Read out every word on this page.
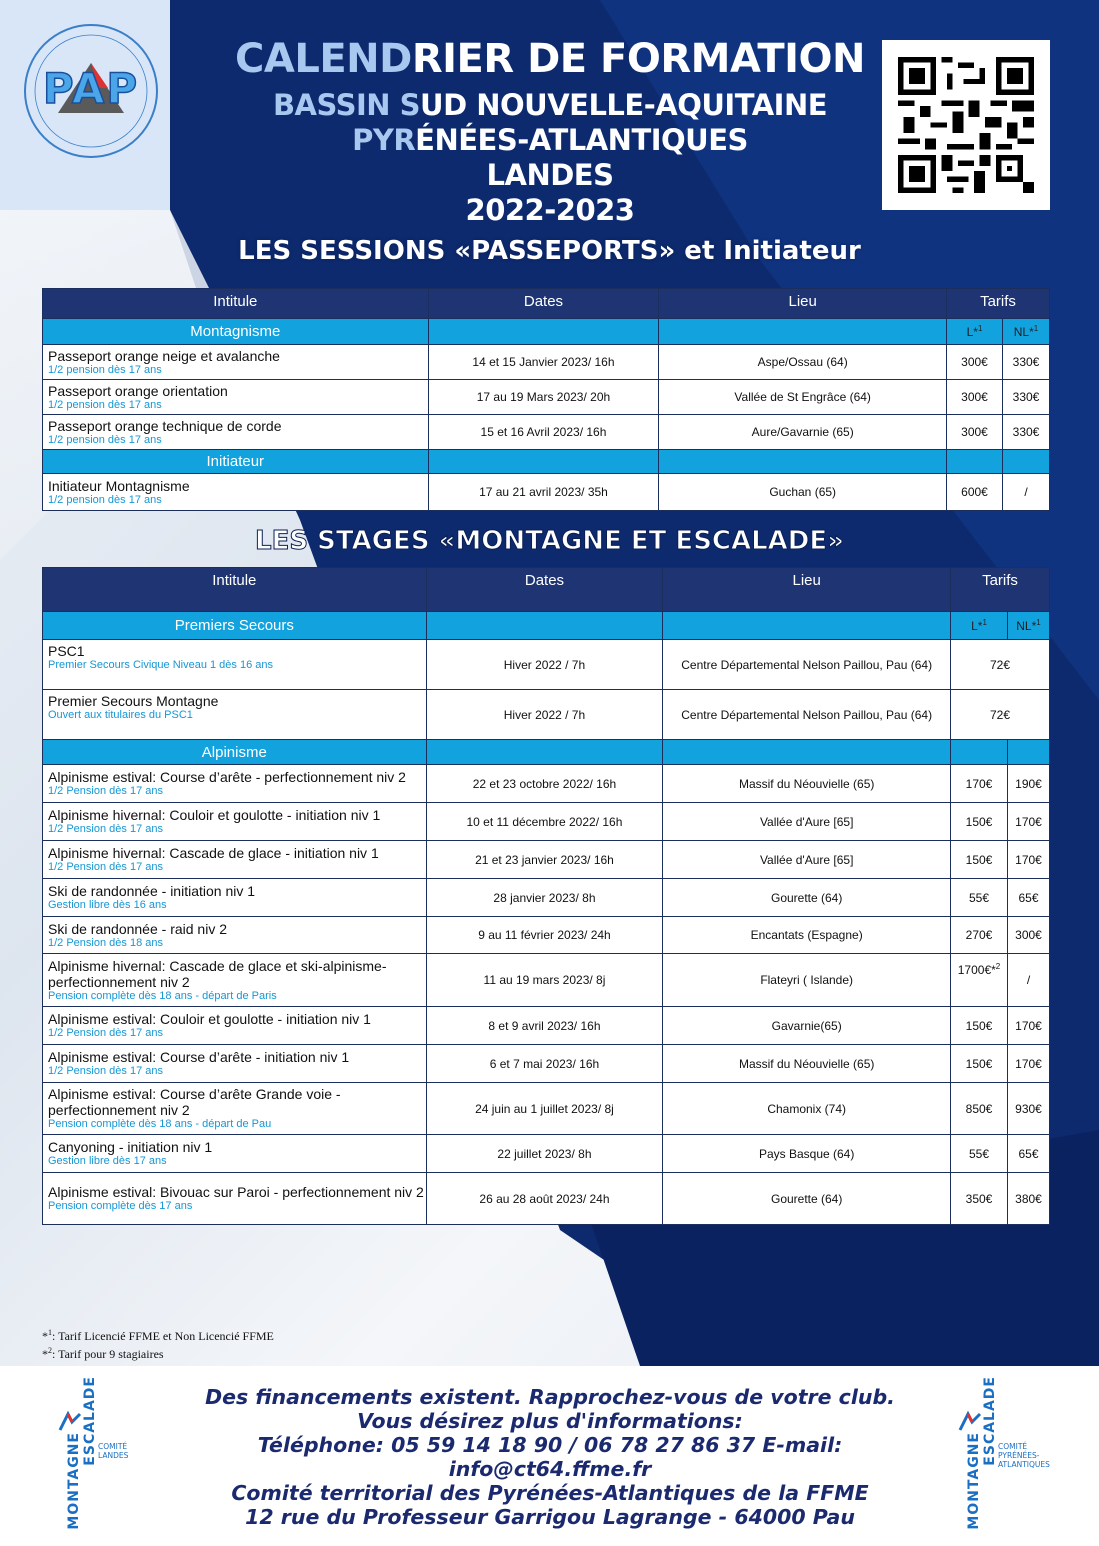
PAP
CALENDRIER DE FORMATION
BASSIN SUD NOUVELLE-AQUITAINE
PYRÉNÉES-ATLANTIQUES
LANDES
2022-2023
LES SESSIONS «PASSEPORTS» et Initiateur
Intitule	Dates	Lieu	Tarifs	
Montagnisme			L*$^1$	NL*$^1$

Passeport orange neige et avalanche
1/2 pension dès 17 ans	14 et 15 Janvier 2023/ 16h	Aspe/Ossau (64)	300€	330€

Passeport orange orientation
1/2 pension dès 17 ans	17 au 19 Mars 2023/ 20h	Vallée de St Engrâce (64)	300€	330€

Passeport orange technique de corde
1/2 pension dès 17 ans	15 et 16 Avril 2023/ 16h	Aure/Gavarnie (65)	300€	330€
Initiateur				

Initiateur Montagnisme
1/2 pension dès 17 ans	17 au 21 avril 2023/ 35h	Guchan (65)	600€	/
LES STAGES «MONTAGNE ET ESCALADE»
Intitule	Dates	Lieu	Tarifs	
Premiers Secours			L*$^1$	NL*$^1$

PSC1
Premier Secours Civique Niveau 1 dès 16 ans	Hiver 2022 / 7h	Centre Départemental Nelson Paillou, Pau (64)	72€	

Premier Secours Montagne
Ouvert aux titulaires du PSC1	Hiver 2022 / 7h	Centre Départemental Nelson Paillou, Pau (64)	72€	
Alpinisme				

Alpinisme estival: Course d’arête - perfectionnement niv 2
1/2 Pension dès 17 ans	22 et 23 octobre 2022/ 16h	Massif du Néouvielle (65)	170€	190€

Alpinisme hivernal: Couloir et goulotte - initiation niv 1
1/2 Pension dès 17 ans	10 et 11 décembre 2022/ 16h	Vallée d'Aure [65]	150€	170€

Alpinisme hivernal: Cascade de glace - initiation niv 1
1/2 Pension dès 17 ans	21 et 23 janvier 2023/ 16h	Vallée d'Aure [65]	150€	170€

Ski de randonnée - initiation niv 1
Gestion libre dès 16 ans	28 janvier 2023/ 8h	Gourette (64)	55€	65€

Ski de randonnée - raid niv 2
1/2 Pension dès 18 ans	9 au 11 février 2023/ 24h	Encantats (Espagne)	270€	300€

Alpinisme hivernal: Cascade de glace et ski-alpinisme- perfectionnement niv 2
Pension complète dès 18 ans - départ de Paris	11 au 19 mars 2023/ 8j	Flateyri ( Islande)	1700€*$^2$	/

Alpinisme estival: Couloir et goulotte - initiation niv 1
1/2 Pension dès 17 ans	8 et 9 avril 2023/ 16h	Gavarnie(65)	150€	170€

Alpinisme estival: Course d’arête - initiation niv 1
1/2 Pension dès 17 ans	6 et 7 mai 2023/ 16h	Massif du Néouvielle (65)	150€	170€

Alpinisme estival: Course d’arête Grande voie - perfectionnement niv 2
Pension complète dès 18 ans - départ de Pau	24 juin au 1 juillet 2023/ 8j	Chamonix (74)	850€	930€

Canyoning - initiation niv 1
Gestion libre dès 17 ans	22 juillet 2023/ 8h	Pays Basque (64)	55€	65€

Alpinisme estival: Bivouac sur Paroi - perfectionnement niv 2
Pension complète dès 17 ans	26 au 28 août 2023/ 24h	Gourette (64)	350€	380€
*$^1$: Tarif Licencié FFME et Non Licencié FFME
*$^2$: Tarif pour 9 stagiaires
Des financements existent. Rapprochez-vous de votre club.
Vous désirez plus d'informations:
Téléphone: 05 59 14 18 90 / 06 78 27 86 37 E-mail: info@ct64.ffme.fr
Comité territorial des Pyrénées-Atlantiques de la FFME
12 rue du Professeur Garrigou Lagrange - 64000 Pau
MONTAGNE
ESCALADE COMITÉ
LANDES	MONTAGNE
ESCALADE COMITÉ
PYRÉNÉES-ATLANTIQUES
